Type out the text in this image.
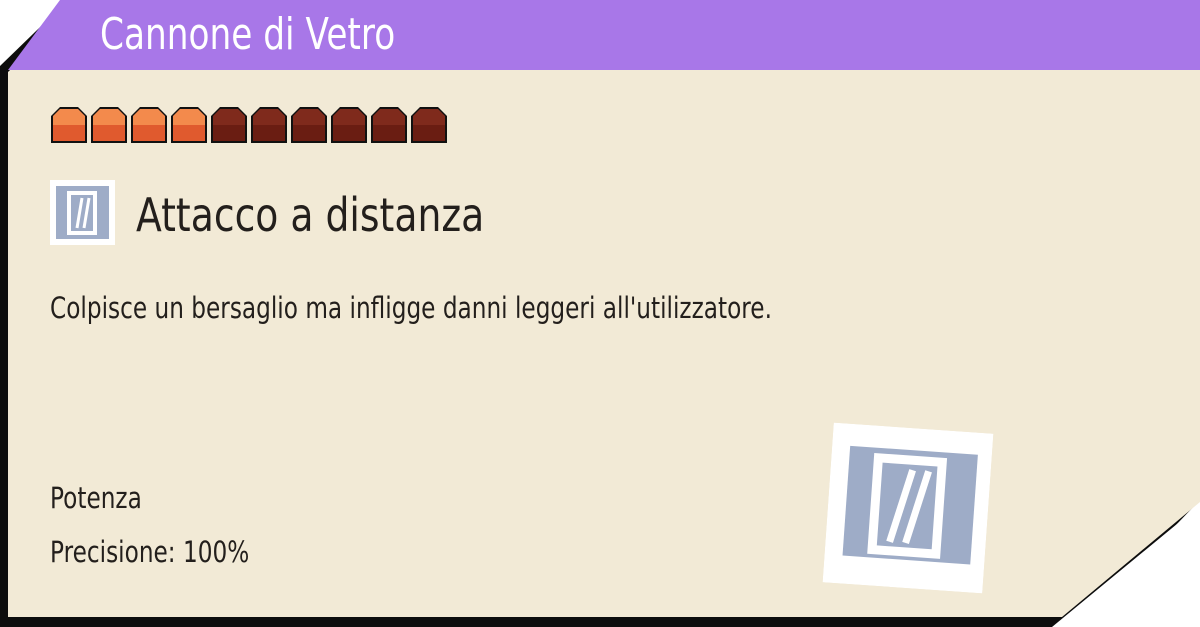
Cannone di Vetro
Attacco a distanza
Colpisce un bersaglio ma infligge danni leggeri all'utilizzatore.
Potenza
Precisione: 100%
